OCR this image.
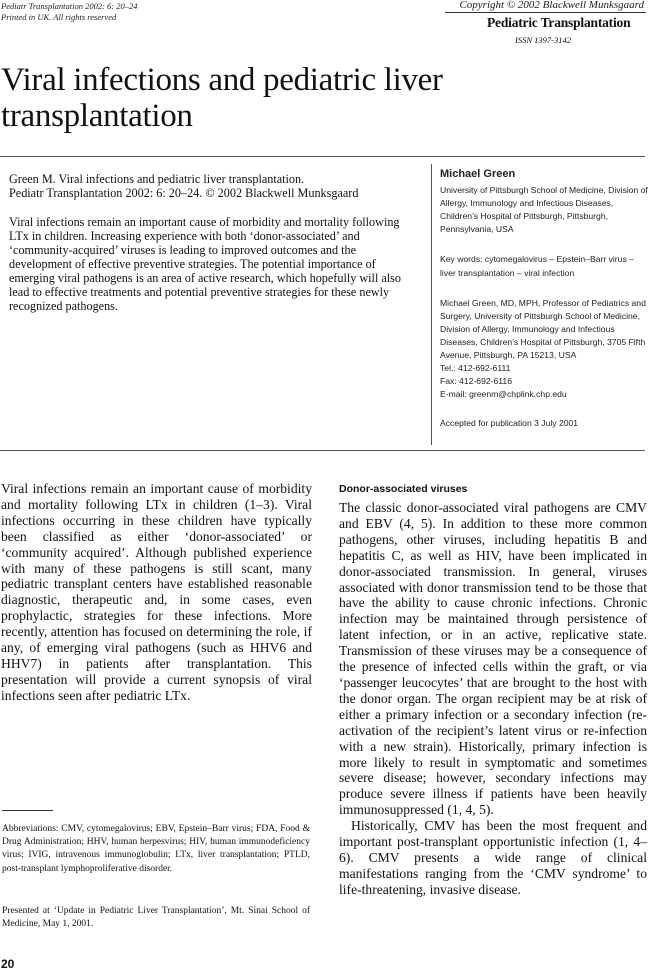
Pediatr Transplantation 2002: 6: 20–24
Printed in UK. All rights reserved
Copyright © 2002 Blackwell Munksgaard
Pediatric Transplantation
ISSN 1397-3142
Viral infections and pediatric liver transplantation

Green M. Viral infections and pediatric liver transplantation.
Pediatr Transplantation 2002: 6: 20–24. © 2002 Blackwell Munksgaard

Viral infections remain an important cause of morbidity and mortality following LTx in children. Increasing experience with both ‘donor-associated’ and ‘community-acquired’ viruses is leading to improved outcomes and the development of effective preventive strategies. The potential importance of emerging viral pathogens is an area of active research, which hopefully will also lead to effective treatments and potential preventive strategies for these newly recognized pathogens.

Michael Green

University of Pittsburgh School of Medicine, Division of Allergy, Immunology and Infectious Diseases, Children’s Hospital of Pittsburgh, Pittsburgh, Pennsylvania, USA

Key words: cytomegalovirus – Epstein–Barr virus – liver transplantation – viral infection

Michael Green, MD, MPH, Professor of Pediatrics and Surgery, University of Pittsburgh School of Medicine, Division of Allergy, Immunology and Infectious Diseases, Children’s Hospital of Pittsburgh, 3705 Fifth Avenue, Pittsburgh, PA 15213, USA

Tel.: 412-692-6111

Fax: 412-692-6116

E-mail: greenm@chplink.chp.edu

Accepted for publication 3 July 2001

Viral infections remain an important cause of morbidity and mortality following LTx in children (1–3). Viral infections occurring in these children have typically been classified as either ‘donor-associated’ or ‘community acquired’. Although published experience with many of these pathogens is still scant, many pediatric transplant centers have established reasonable diagnostic, therapeutic and, in some cases, even prophylactic, strategies for these infections. More recently, attention has focused on determining the role, if any, of emerging viral pathogens (such as HHV6 and HHV7) in patients after transplantation. This presentation will provide a current synopsis of viral infections seen after pediatric LTx.

Donor-associated viruses

The classic donor-associated viral pathogens are CMV and EBV (4, 5). In addition to these more common pathogens, other viruses, including hepatitis B and hepatitis C, as well as HIV, have been implicated in donor-associated transmission. In general, viruses associated with donor transmission tend to be those that have the ability to cause chronic infections. Chronic infection may be maintained through persistence of latent infection, or in an active, replicative state. Transmission of these viruses may be a consequence of the presence of infected cells within the graft, or via ‘passenger leucocytes’ that are brought to the host with the donor organ. The organ recipient may be at risk of either a primary infection or a secondary infection (re-activation of the recipient’s latent virus or re-infection with a new strain). Historically, primary infection is more likely to result in symptomatic and sometimes severe disease; however, secondary infections may produce severe illness if patients have been heavily immunosuppressed (1, 4, 5).

Historically, CMV has been the most frequent and important post-transplant opportunistic infection (1, 4–6). CMV presents a wide range of clinical manifestations ranging from the ‘CMV syndrome’ to life-threatening, invasive disease.

Abbreviations: CMV, cytomegalovirus; EBV, Epstein–Barr virus; FDA, Food & Drug Administration; HHV, human herpesvirus; HIV, human immunodeficiency virus; IVIG, intravenous immunoglobulin; LTx, liver transplantation; PTLD, post-transplant lymphoproliferative disorder.

Presented at ‘Update in Pediatric Liver Transplantation’, Mt. Sinai School of Medicine, May 1, 2001.

20
